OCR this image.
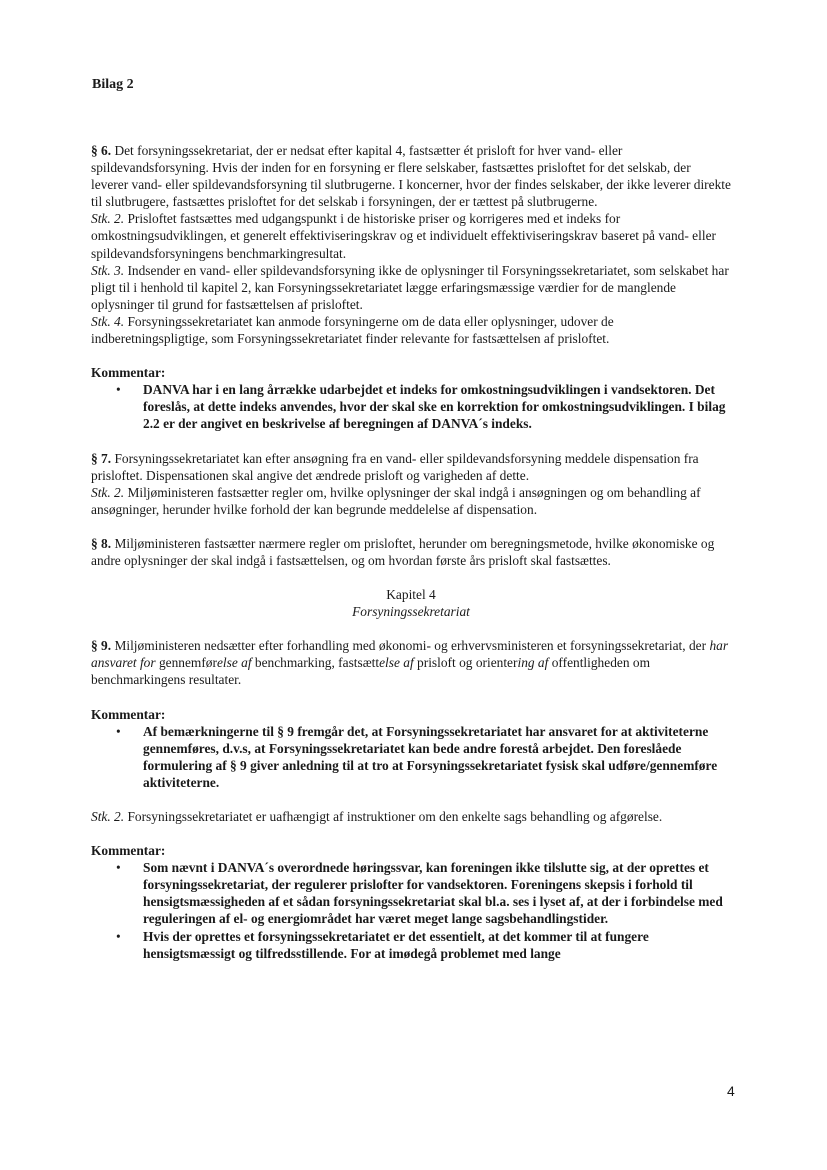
Bilag 2

§ 6. Det forsyningssekretariat, der er nedsat efter kapital 4, fastsætter ét prisloft for hver vand- eller spildevandsforsyning. Hvis der inden for en forsyning er flere selskaber, fastsættes prisloftet for det selskab, der leverer vand- eller spildevandsforsyning til slutbrugerne. I koncerner, hvor der findes selskaber, der ikke leverer direkte til slutbrugere, fastsættes prisloftet for det selskab i forsyningen, der er tættest på slutbrugerne.

Stk. 2. Prisloftet fastsættes med udgangspunkt i de historiske priser og korrigeres med et indeks for omkostningsudviklingen, et generelt effektiviseringskrav og et individuelt effektiviseringskrav baseret på vand- eller spildevandsforsyningens benchmarkingresultat.

Stk. 3. Indsender en vand- eller spildevandsforsyning ikke de oplysninger til Forsyningssekretariatet, som selskabet har pligt til i henhold til kapitel 2, kan Forsyningssekretariatet lægge erfaringsmæssige værdier for de manglende oplysninger til grund for fastsættelsen af prisloftet.

Stk. 4. Forsyningssekretariatet kan anmode forsyningerne om de data eller oplysninger, udover de indberetningspligtige, som Forsyningssekretariatet finder relevante for fastsættelsen af prisloftet.

Kommentar:

• DANVA har i en lang årrække udarbejdet et indeks for omkostningsudviklingen i vandsektoren. Det foreslås, at dette indeks anvendes, hvor der skal ske en korrektion for omkostningsudviklingen. I bilag 2.2 er der angivet en beskrivelse af beregningen af DANVA´s indeks.

§ 7. Forsyningssekretariatet kan efter ansøgning fra en vand- eller spildevandsforsyning meddele dispensation fra prisloftet. Dispensationen skal angive det ændrede prisloft og varigheden af dette.

Stk. 2. Miljøministeren fastsætter regler om, hvilke oplysninger der skal indgå i ansøgningen og om behandling af ansøgninger, herunder hvilke forhold der kan begrunde meddelelse af dispensation.

§ 8. Miljøministeren fastsætter nærmere regler om prisloftet, herunder om beregningsmetode, hvilke økonomiske og andre oplysninger der skal indgå i fastsættelsen, og om hvordan første års prisloft skal fastsættes.

Kapitel 4

Forsyningssekretariat

§ 9. Miljøministeren nedsætter efter forhandling med økonomi- og erhvervsministeren et forsyningssekretariat, der har ansvaret for gennemførelse af benchmarking, fastsættelse af prisloft og orientering af offentligheden om benchmarkingens resultater.

Kommentar:

• Af bemærkningerne til § 9 fremgår det, at Forsyningssekretariatet har ansvaret for at aktiviteterne gennemføres, d.v.s, at Forsyningssekretariatet kan bede andre forestå arbejdet. Den foreslåede formulering af § 9 giver anledning til at tro at Forsyningssekretariatet fysisk skal udføre/gennemføre aktiviteterne.

Stk. 2. Forsyningssekretariatet er uafhængigt af instruktioner om den enkelte sags behandling og afgørelse.

Kommentar:

• Som nævnt i DANVA´s overordnede høringssvar, kan foreningen ikke tilslutte sig, at der oprettes et forsyningssekretariat, der regulerer prislofter for vandsektoren. Foreningens skepsis i forhold til hensigtsmæssigheden af et sådan forsyningssekretariat skal bl.a. ses i lyset af, at der i forbindelse med reguleringen af el- og energiområdet har været meget lange sagsbehandlingstider.
• Hvis der oprettes et forsyningssekretariatet er det essentielt, at det kommer til at fungere hensigtsmæssigt og tilfredsstillende. For at imødegå problemet med lange
4
